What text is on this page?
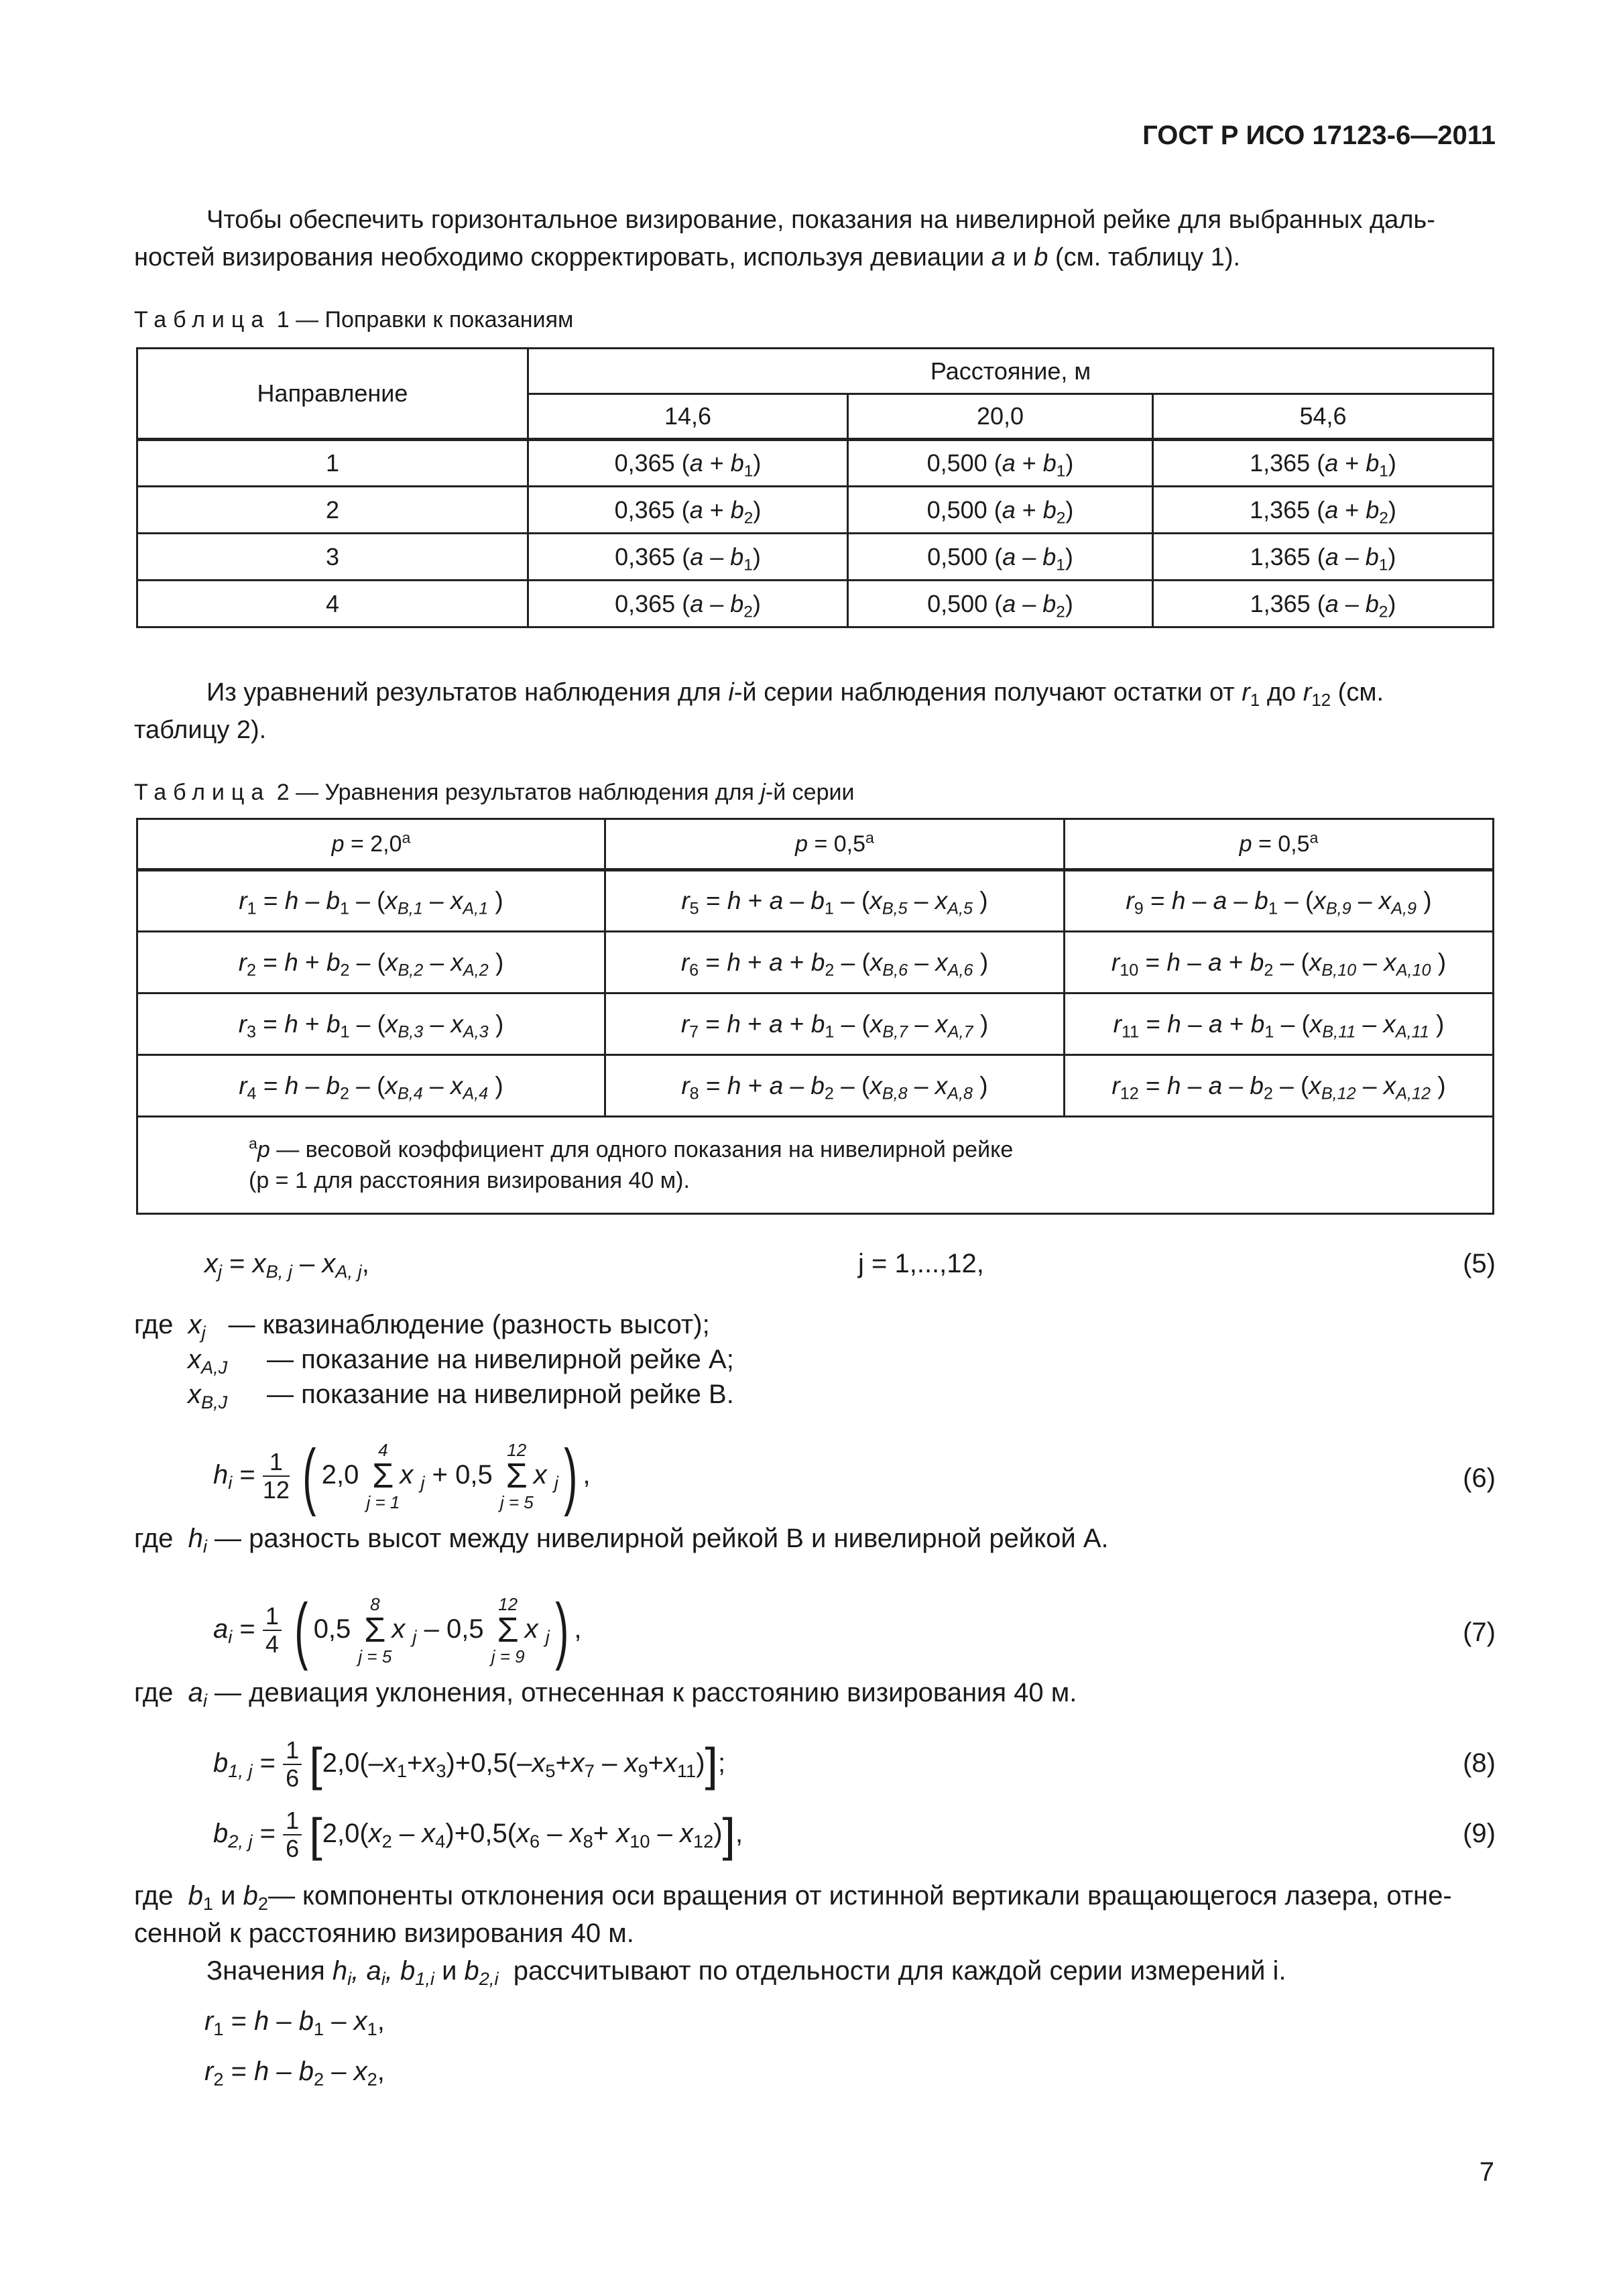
ГОСТ Р ИСО 17123-6—2011
Чтобы обеспечить горизонтальное визирование, показания на нивелирной рейке для выбранных даль-
ностей визирования необходимо скорректировать, используя девиации a и b (см. таблицу 1).
Таблица 1 — Поправки к показаниям
Направление	Расстояние, м		
	14,6	20,0	54,6
1	0,365 $(a + b_1)$	0,500 $(a + b_1)$	1,365 $(a + b_1)$
2	0,365 $(a + b_2)$	0,500 $(a + b_2)$	1,365 $(a + b_2)$
3	0,365 $(a - b_1)$	0,500 $(a - b_1)$	1,365 $(a - b_1)$
4	0,365 $(a - b_2)$	0,500 $(a - b_2)$	1,365 $(a - b_2)$
Из уравнений результатов наблюдения для i-й серии наблюдения получают остатки от $r_1$ до $r_{12}$ (см.
таблицу 2).
Таблица 2 — Уравнения результатов наблюдения для j-й серии
p = 2,0$^a$	p = 0,5$^a$	p = 0,5$^a$
$r_1 = h - b_1 - (x_{B,1} - x_{A,1}$ )	$r_5 = h + a - b_1 - (x_{B,5} - x_{A,5}$ )	$r_9 = h - a - b_1 - (x_{B,9} - x_{A,9}$ )
$r_2 = h + b_2 - (x_{B,2} - x_{A,2}$ )	$r_6 = h + a + b_2 - (x_{B,6} - x_{A,6}$ )	$r_{10} = h - a + b_2 - (x_{B,10} - x_{A,10}$ )
$r_3 = h + b_1 - (x_{B,3} - x_{A,3}$ )	$r_7 = h + a + b_1 - (x_{B,7} - x_{A,7}$ )	$r_{11} = h - a + b_1 - (x_{B,11} - x_{A,11}$ )
$r_4 = h - b_2 - (x_{B,4} - x_{A,4}$ )	$r_8 = h + a - b_2 - (x_{B,8} - x_{A,8}$ )	$r_{12} = h - a - b_2 - (x_{B,12} - x_{A,12}$ )

$^a$p — весовой коэффициент для одного показания на нивелирной рейке
(p = 1 для расстояния визирования 40 м).		
$x_j = x_{B, j} - x_{A, j}$,	j = 1,...,12,	(5)
где  $x_j$ — квазинаблюдение (разность высот);
$x_{A,J}$ — показание на нивелирной рейке A;
$x_{B,J}$ — показание на нивелирной рейке B.
$h_i = \frac{1}{12}$ ( 2,0
4
Σ
j = 1
x $_j$ + 0,5
12
Σ
j = 5
x $_j$) ,	(6)
где  $h_i$ — разность высот между нивелирной рейкой B и нивелирной рейкой A.
$a_i = \frac{1}{4}$ ( 0,5
8
Σ
j = 5
x $_j$ – 0,5
12
Σ
j = 9
x $_j$) ,	(7)
где  $a_i$ — девиация уклонения, отнесенная к расстоянию визирования 40 м.
$b_{1, j} = \frac{1}{6} [2,0(-x_1+x_3)+0,5(-x_5+x_7 - x_9+x_{11})]$;	(8)
$b_{2, j} = \frac{1}{6} [2,0(x_2 - x_4)+0,5(x_6 - x_8+ x_{10} - x_{12})]$,	(9)
где  $b_1$ и $b_2—$ компоненты отклонения оси вращения от истинной вертикали вращающегося лазера, отне-
сенной к расстоянию визирования 40 м.
Значения $h_i$, $a_i$, $b_{1,i}$ и $b_{2,i}$ рассчитывают по отдельности для каждой серии измерений i.
$r_1 = h - b_1 - x_1$,
$r_2 = h - b_2 - x_2$,
7
